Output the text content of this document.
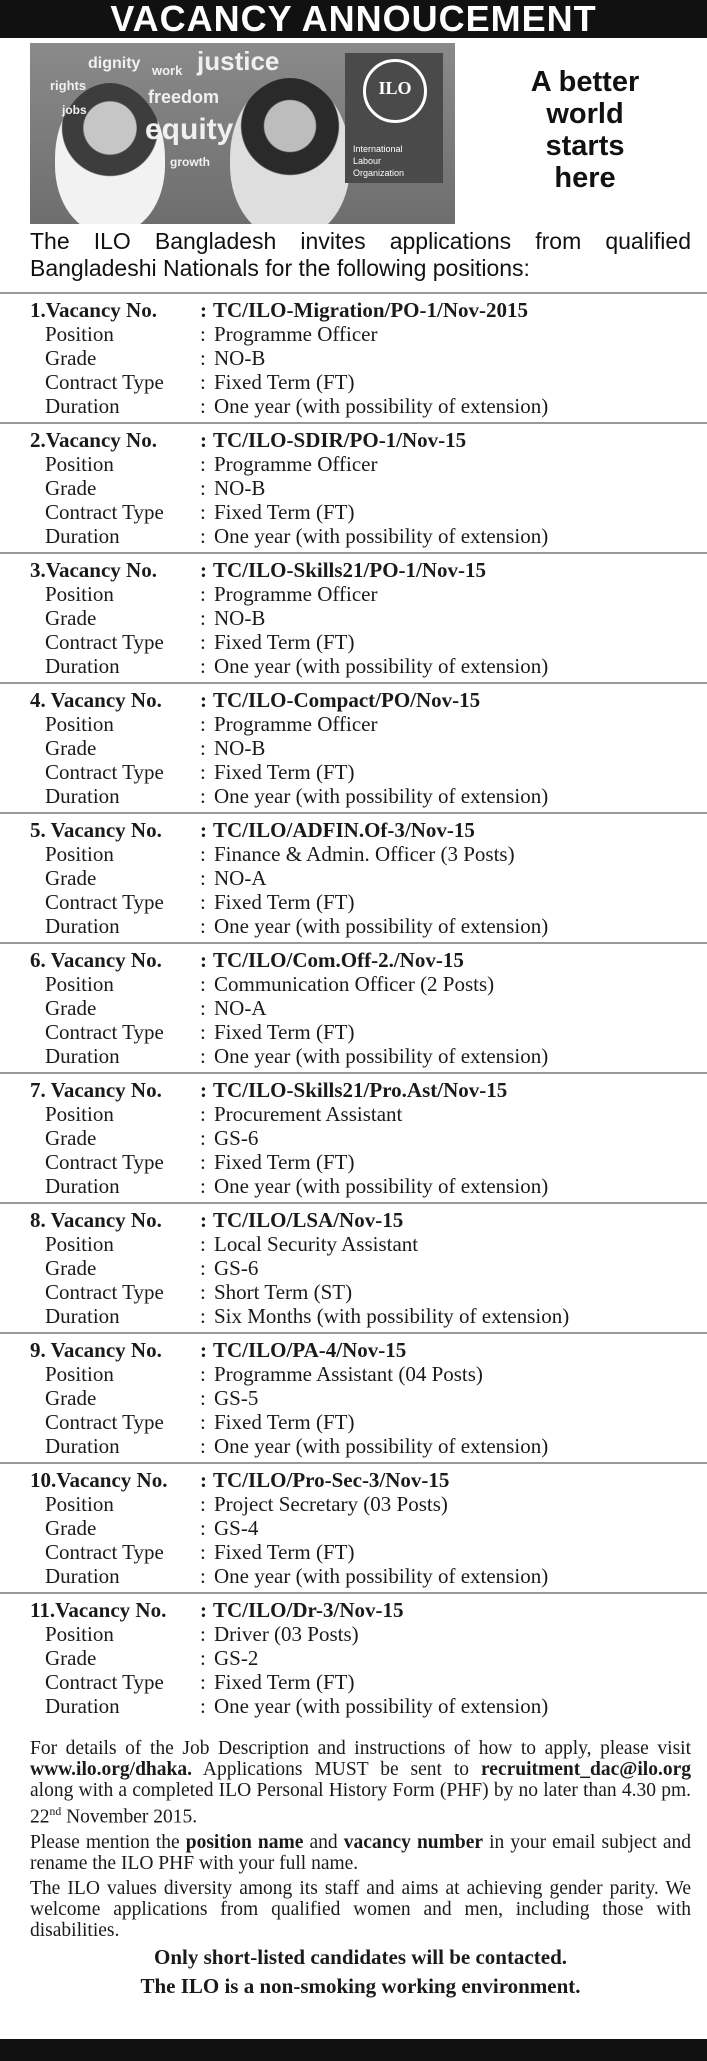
VACANCY ANNOUCEMENT
dignity work justice
rights
freedom
jobs
equity
growth
ILO
International
Labour
Organization
A better
world
starts
here
The ILO Bangladesh invites applications from qualified Bangladeshi Nationals for the following positions:
1.Vacancy No. : TC/ILO-Migration/PO-1/Nov-2015
Position	: Programme Officer
Grade	: NO-B
Contract Type : Fixed Term (FT)
Duration	: One year (with possibility of extension)
2.Vacancy No. : TC/ILO-SDIR/PO-1/Nov-15
Position	: Programme Officer
Grade	: NO-B
Contract Type : Fixed Term (FT)
Duration	: One year (with possibility of extension)
3.Vacancy No. : TC/ILO-Skills21/PO-1/Nov-15
Position	: Programme Officer
Grade	: NO-B
Contract Type : Fixed Term (FT)
Duration	: One year (with possibility of extension)
4. Vacancy No. : TC/ILO-Compact/PO/Nov-15
Position	: Programme Officer
Grade	: NO-B
Contract Type : Fixed Term (FT)
Duration	: One year (with possibility of extension)
5. Vacancy No. : TC/ILO/ADFIN.Of-3/Nov-15
Position	: Finance & Admin. Officer (3 Posts)
Grade	: NO-A
Contract Type : Fixed Term (FT)
Duration	: One year (with possibility of extension)
6. Vacancy No. : TC/ILO/Com.Off-2./Nov-15
Position	: Communication Officer (2 Posts)
Grade	: NO-A
Contract Type : Fixed Term (FT)
Duration	: One year (with possibility of extension)
7. Vacancy No. : TC/ILO-Skills21/Pro.Ast/Nov-15
Position	: Procurement Assistant
Grade	: GS-6
Contract Type : Fixed Term (FT)
Duration	: One year (with possibility of extension)
8. Vacancy No. : TC/ILO/LSA/Nov-15
Position	: Local Security Assistant
Grade	: GS-6
Contract Type : Short Term (ST)
Duration	: Six Months (with possibility of extension)
9. Vacancy No. : TC/ILO/PA-4/Nov-15
Position	: Programme Assistant (04 Posts)
Grade	: GS-5
Contract Type : Fixed Term (FT)
Duration	: One year (with possibility of extension)
10.Vacancy No. : TC/ILO/Pro-Sec-3/Nov-15
Position	: Project Secretary (03 Posts)
Grade	: GS-4
Contract Type : Fixed Term (FT)
Duration	: One year (with possibility of extension)
11.Vacancy No. : TC/ILO/Dr-3/Nov-15
Position	: Driver (03 Posts)
Grade	: GS-2
Contract Type : Fixed Term (FT)
Duration	: One year (with possibility of extension)

For details of the Job Description and instructions of how to apply, please visit www.ilo.org/dhaka. Applications MUST be sent to recruitment_dac@ilo.org along with a completed ILO Personal History Form (PHF) by no later than 4.30 pm. 22nd November 2015.

Please mention the position name and vacancy number in your email subject and rename the ILO PHF with your full name.

The ILO values diversity among its staff and aims at achieving gender parity. We welcome applications from qualified women and men, including those with disabilities.

Only short-listed candidates will be contacted.
The ILO is a non-smoking working environment.
